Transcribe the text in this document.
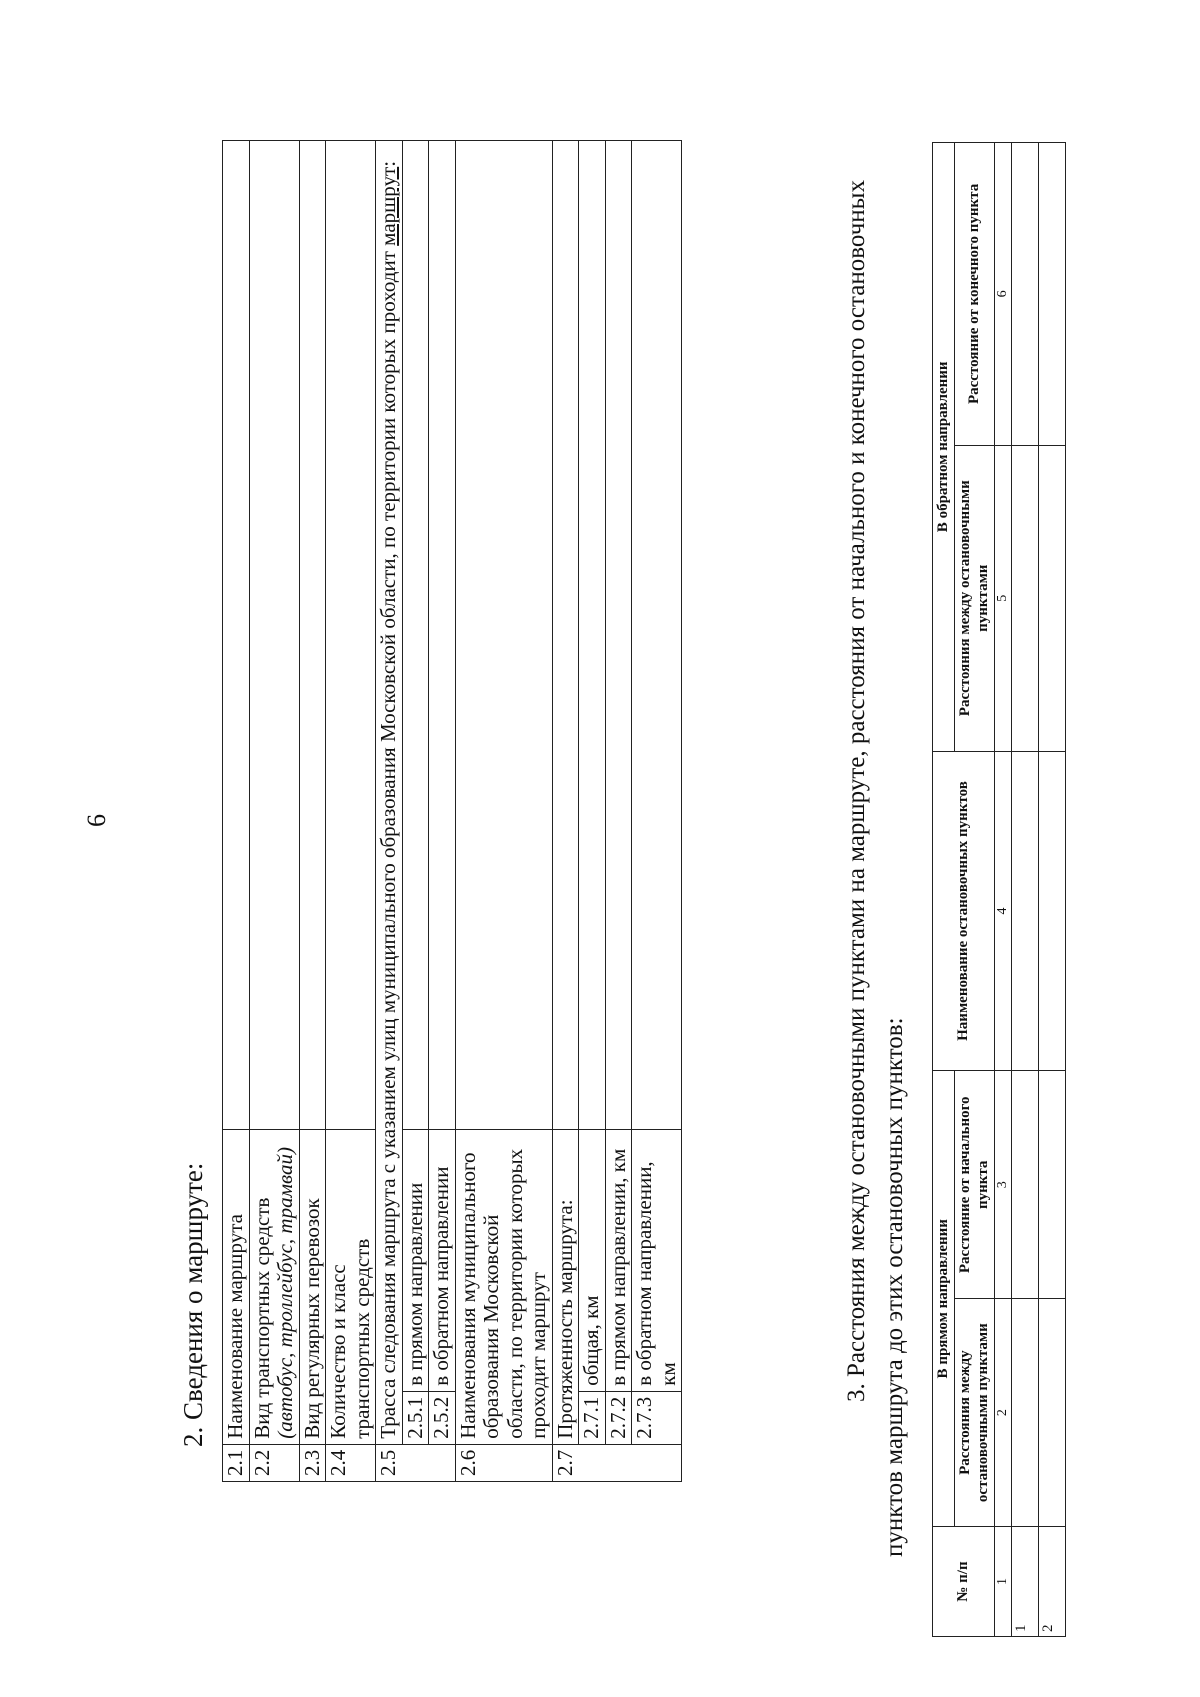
6
2. Сведения о маршруте:
2.1	Наименование маршрута		
2.2	Вид транспортных средств (автобус, троллейбус, трамвай)		
2.3	Вид регулярных перевозок		
2.4	Количество и класс транспортных средств		
2.5	Трасса следования маршрута с указанием улиц муниципального образования Московской области, по территории которых проходит маршрут:		
	2.5.1	в прямом направлении	
	2.5.2	в обратном направлении	
2.6	Наименования муниципального образования Московской области, по территории которых проходит маршрут		
2.7	Протяженность маршрута:		
	2.7.1	общая, км	
	2.7.2	в прямом направлении, км	
	2.7.3	в обратном направлении, км		3. Расстояния между остановочными пунктами на маршруте, расстояния от начального и конечного остановочных пунктов маршрута до этих остановочных пунктов:
№ п/п	В прямом направлении		Наименование остановочных пунктов	В обратном направлении	
	Расстояния между остановочными пунктами	Расстояние от начального пункта		Расстояния между остановочными пунктами	Расстояние от конечного пункта
1	2	3	4	5	6
1					
2					
